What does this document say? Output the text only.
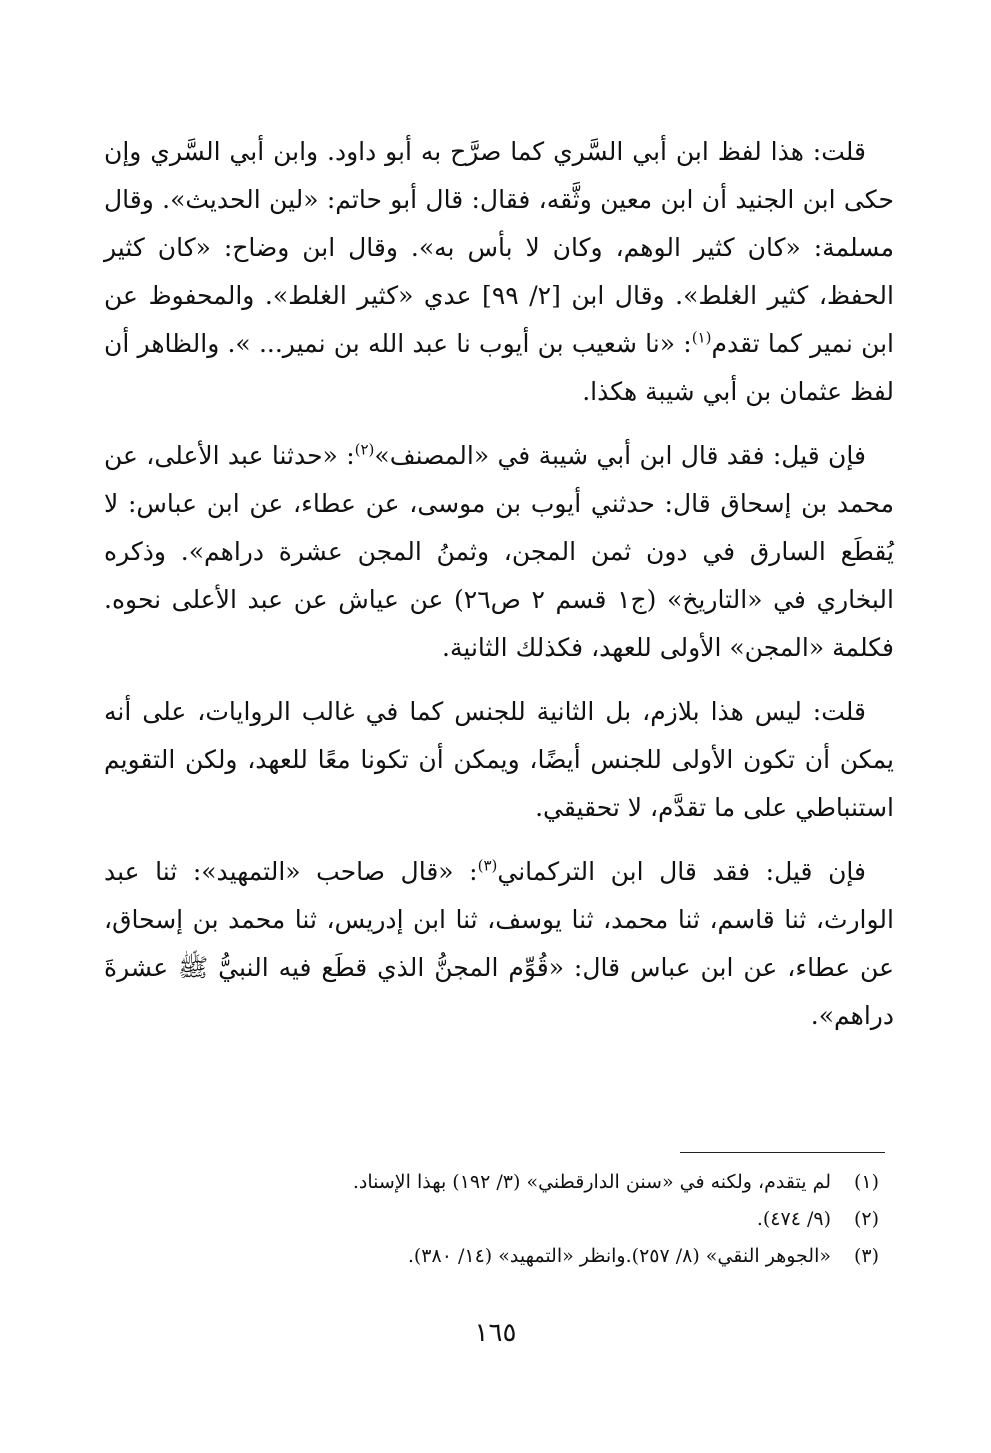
قلت: هذا لفظ ابن أبي السَّري كما صرَّح به أبو داود. وابن أبي السَّري وإن حكى ابن الجنيد أن ابن معين وثَّقه، فقال: قال أبو حاتم: «لين الحديث». وقال مسلمة: «كان كثير الوهم، وكان لا بأس به». وقال ابن وضاح: «كان كثير الحفظ، كثير الغلط». وقال ابن [٢/ ٩٩] عدي «كثير الغلط». والمحفوظ عن ابن نمير كما تقدم$^{(١)}$: «نا شعيب بن أيوب نا عبد الله بن نمير... ». والظاهر أن لفظ عثمان بن أبي شيبة هكذا.

فإن قيل: فقد قال ابن أبي شيبة في «المصنف»$^{(٢)}$: «حدثنا عبد الأعلى، عن محمد بن إسحاق قال: حدثني أيوب بن موسى، عن عطاء، عن ابن عباس: لا يُقطَع السارق في دون ثمن المجن، وثمنُ المجن عشرة دراهم». وذكره البخاري في «التاريخ» (ج١ قسم ٢ ص٢٦) عن عياش عن عبد الأعلى نحوه. فكلمة «المجن» الأولى للعهد، فكذلك الثانية.

قلت: ليس هذا بلازم، بل الثانية للجنس كما في غالب الروايات، على أنه يمكن أن تكون الأولى للجنس أيضًا، ويمكن أن تكونا معًا للعهد، ولكن التقويم استنباطي على ما تقدَّم، لا تحقيقي.

فإن قيل: فقد قال ابن التركماني$^{(٣)}$: «قال صاحب «التمهيد»: ثنا عبد الوارث، ثنا قاسم، ثنا محمد، ثنا يوسف، ثنا ابن إدريس، ثنا محمد بن إسحاق، عن عطاء، عن ابن عباس قال: «قُوِّم المجنُّ الذي قطَع فيه النبيُّ ﷺ عشرةَ دراهم».

(١)
لم يتقدم، ولكنه في «سنن الدارقطني» (٣/ ١٩٢) بهذا الإسناد.
(٢)
(٩/ ٤٧٤).
(٣)
«الجوهر النقي» (٨/ ٢٥٧).وانظر «التمهيد» (١٤/ ٣٨٠).
١٦٥
